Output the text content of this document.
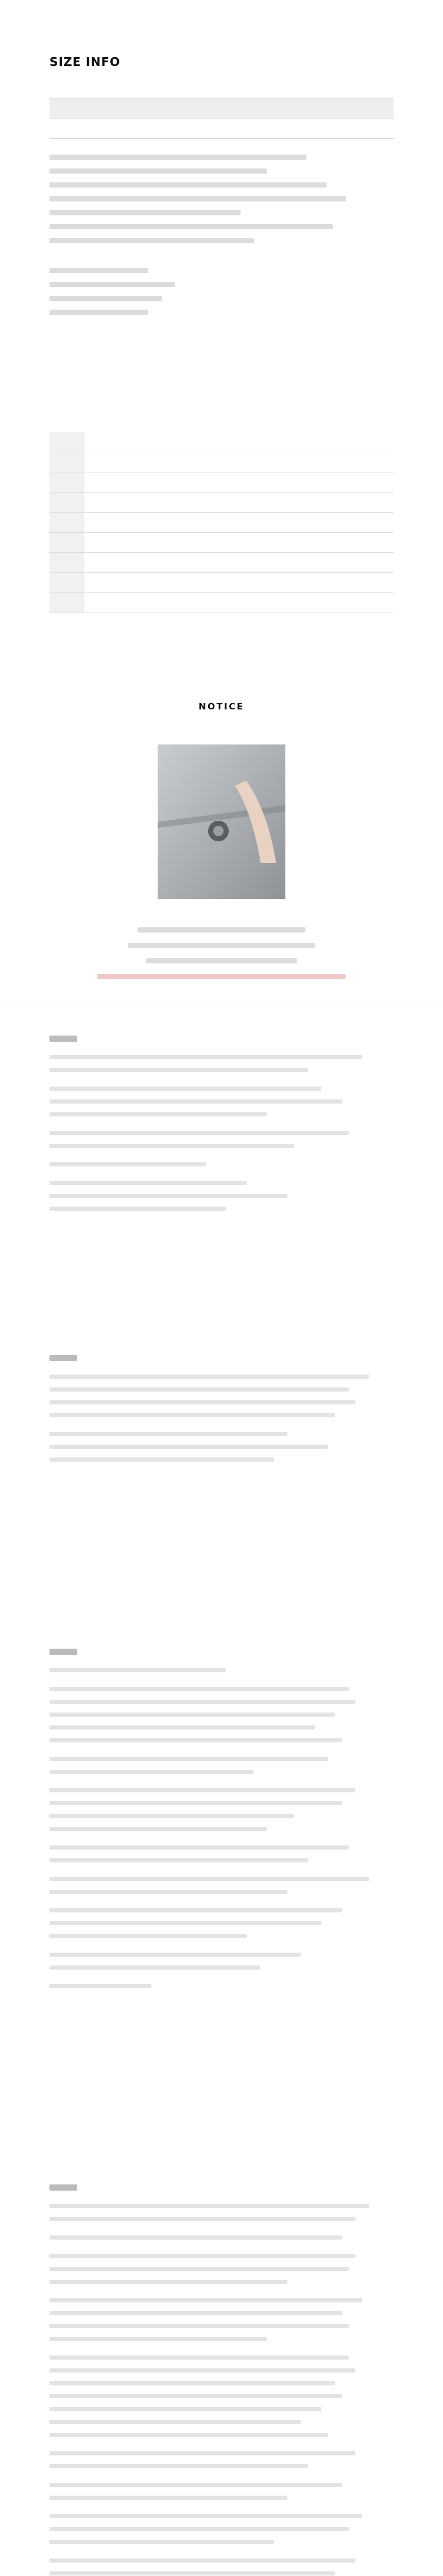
SIZE INFO

NOTICE
